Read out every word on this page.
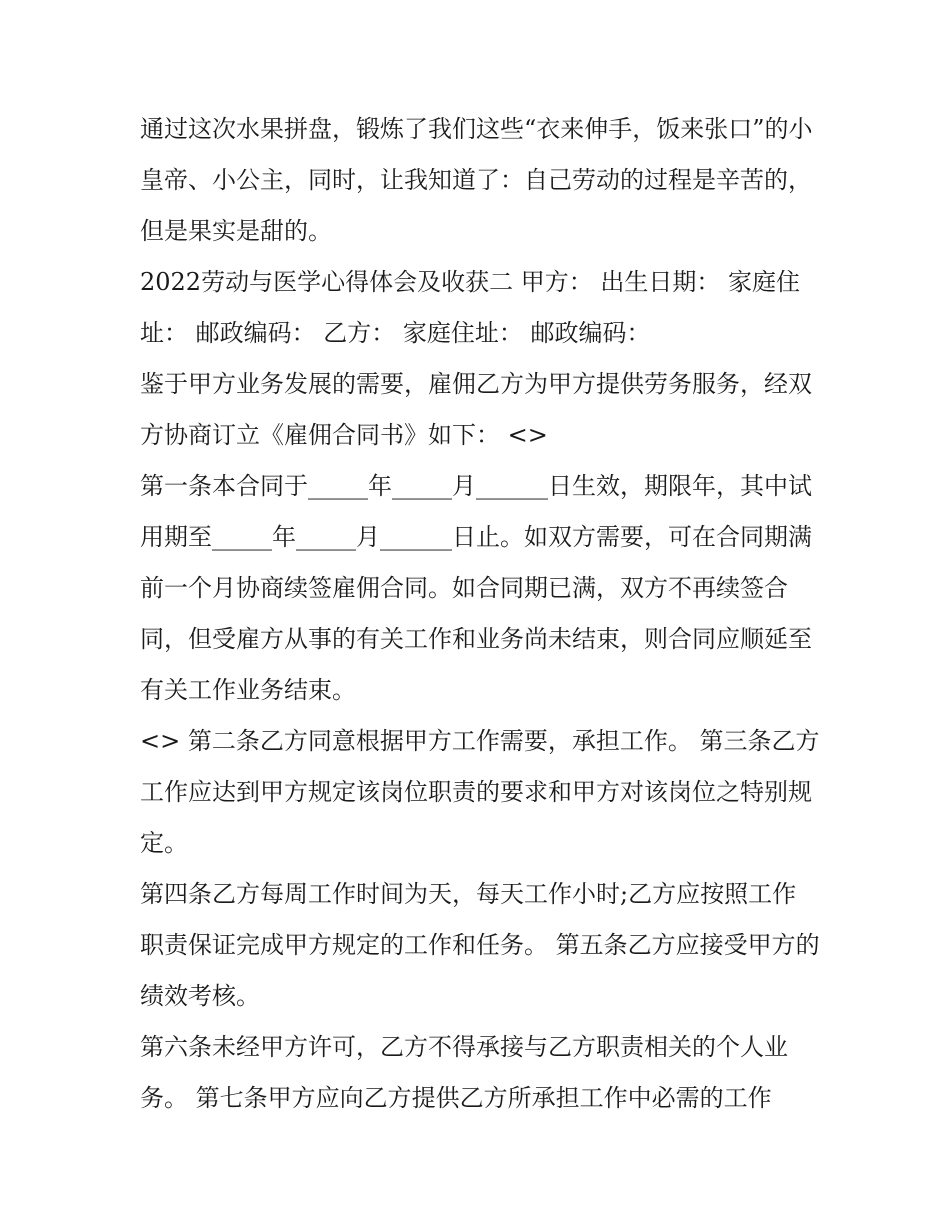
通过这次水果拼盘，锻炼了我们这些“衣来伸手，饭来张口”的小皇帝、小公主，同时，让我知道了：自己劳动的过程是辛苦的，但是果实是甜的。

2022劳动与医学心得体会及收获二 甲方： 出生日期： 家庭住址： 邮政编码： 乙方： 家庭住址： 邮政编码：

鉴于甲方业务发展的需要，雇佣乙方为甲方提供劳务服务，经双方协商订立《雇佣合同书》如下： <>

第一条本合同于_____年_____月______日生效，期限年，其中试用期至_____年_____月______日止。如双方需要，可在合同期满前一个月协商续签雇佣合同。如合同期已满，双方不再续签合同，但受雇方从事的有关工作和业务尚未结束，则合同应顺延至有关工作业务结束。

<> 第二条乙方同意根据甲方工作需要，承担工作。 第三条乙方工作应达到甲方规定该岗位职责的要求和甲方对该岗位之特别规定。

第四条乙方每周工作时间为天，每天工作小时;乙方应按照工作职责保证完成甲方规定的工作和任务。 第五条乙方应接受甲方的绩效考核。

第六条未经甲方许可，乙方不得承接与乙方职责相关的个人业务。 第七条甲方应向乙方提供乙方所承担工作中必需的工作
